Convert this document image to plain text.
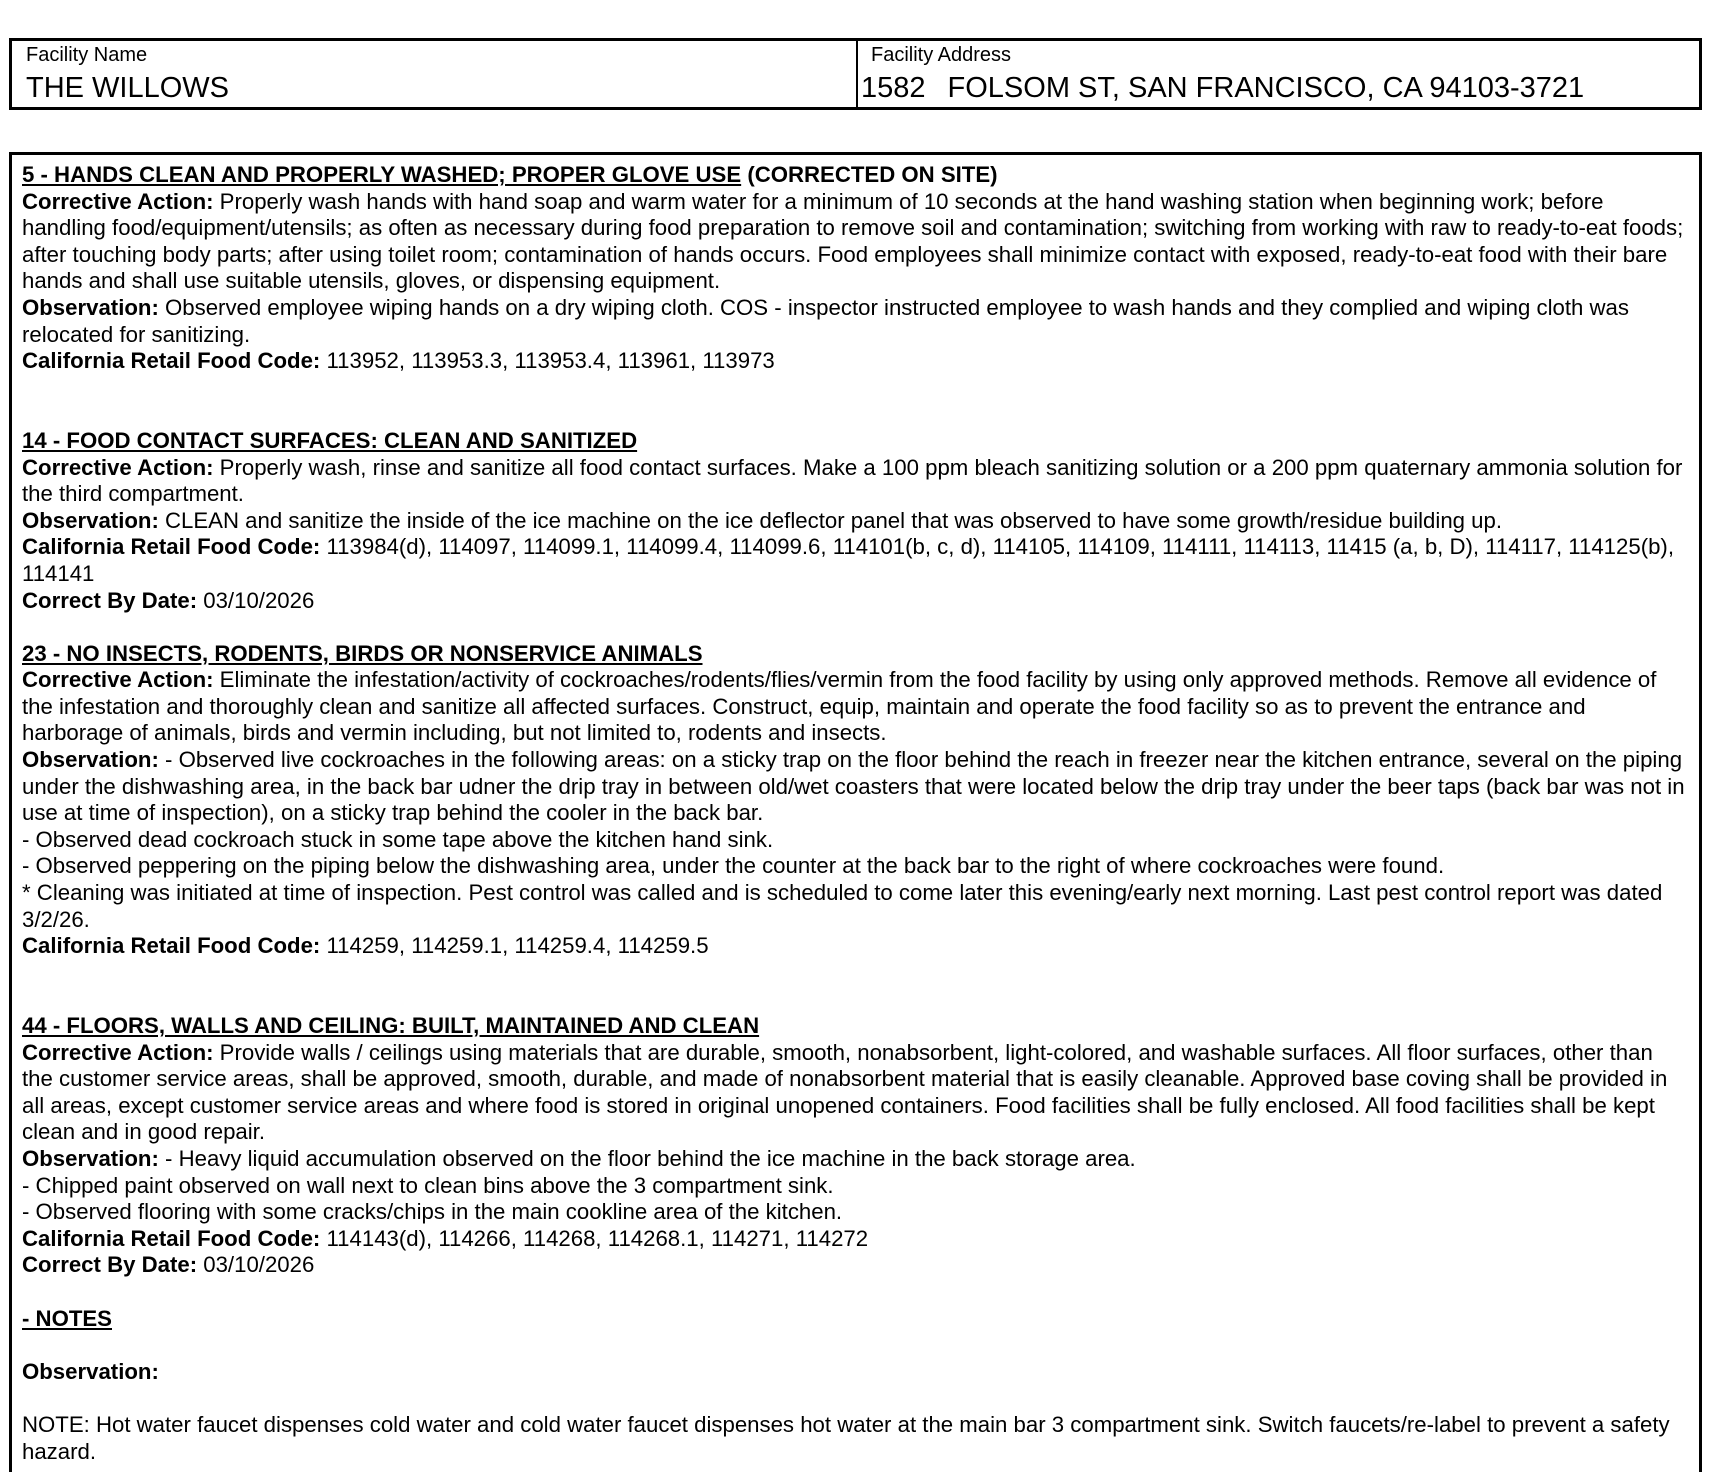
Facility Name
THE WILLOWS
Facility Address
1582 FOLSOM ST, SAN FRANCISCO, CA 94103-3721
5 - HANDS CLEAN AND PROPERLY WASHED; PROPER GLOVE USE (CORRECTED ON SITE)
Corrective Action: Properly wash hands with hand soap and warm water for a minimum of 10 seconds at the hand washing station when beginning work; before handling food/equipment/utensils; as often as necessary during food preparation to remove soil and contamination; switching from working with raw to ready-to-eat foods; after touching body parts; after using toilet room; contamination of hands occurs. Food employees shall minimize contact with exposed, ready-to-eat food with their bare hands and shall use suitable utensils, gloves, or dispensing equipment.
Observation: Observed employee wiping hands on a dry wiping cloth. COS - inspector instructed employee to wash hands and they complied and wiping cloth was relocated for sanitizing.
California Retail Food Code: 113952, 113953.3, 113953.4, 113961, 113973
14 - FOOD CONTACT SURFACES: CLEAN AND SANITIZED
Corrective Action: Properly wash, rinse and sanitize all food contact surfaces. Make a 100 ppm bleach sanitizing solution or a 200 ppm quaternary ammonia solution for the third compartment.
Observation: CLEAN and sanitize the inside of the ice machine on the ice deflector panel that was observed to have some growth/residue building up.
California Retail Food Code: 113984(d), 114097, 114099.1, 114099.4, 114099.6, 114101(b, c, d), 114105, 114109, 114111, 114113, 11415 (a, b, D), 114117, 114125(b), 114141
Correct By Date: 03/10/2026
23 - NO INSECTS, RODENTS, BIRDS OR NONSERVICE ANIMALS
Corrective Action: Eliminate the infestation/activity of cockroaches/rodents/flies/vermin from the food facility by using only approved methods. Remove all evidence of the infestation and thoroughly clean and sanitize all affected surfaces. Construct, equip, maintain and operate the food facility so as to prevent the entrance and harborage of animals, birds and vermin including, but not limited to, rodents and insects.
Observation: - Observed live cockroaches in the following areas: on a sticky trap on the floor behind the reach in freezer near the kitchen entrance, several on the piping under the dishwashing area, in the back bar udner the drip tray in between old/wet coasters that were located below the drip tray under the beer taps (back bar was not in use at time of inspection), on a sticky trap behind the cooler in the back bar.
- Observed dead cockroach stuck in some tape above the kitchen hand sink.
- Observed peppering on the piping below the dishwashing area, under the counter at the back bar to the right of where cockroaches were found.
* Cleaning was initiated at time of inspection. Pest control was called and is scheduled to come later this evening/early next morning. Last pest control report was dated 3/2/26.
California Retail Food Code: 114259, 114259.1, 114259.4, 114259.5
44 - FLOORS, WALLS AND CEILING: BUILT, MAINTAINED AND CLEAN
Corrective Action: Provide walls / ceilings using materials that are durable, smooth, nonabsorbent, light-colored, and washable surfaces. All floor surfaces, other than the customer service areas, shall be approved, smooth, durable, and made of nonabsorbent material that is easily cleanable. Approved base coving shall be provided in all areas, except customer service areas and where food is stored in original unopened containers. Food facilities shall be fully enclosed. All food facilities shall be kept clean and in good repair.
Observation: - Heavy liquid accumulation observed on the floor behind the ice machine in the back storage area.
- Chipped paint observed on wall next to clean bins above the 3 compartment sink.
- Observed flooring with some cracks/chips in the main cookline area of the kitchen.
California Retail Food Code: 114143(d), 114266, 114268, 114268.1, 114271, 114272
Correct By Date: 03/10/2026
- NOTES
Observation:
NOTE: Hot water faucet dispenses cold water and cold water faucet dispenses hot water at the main bar 3 compartment sink. Switch faucets/re-label to prevent a safety hazard.
